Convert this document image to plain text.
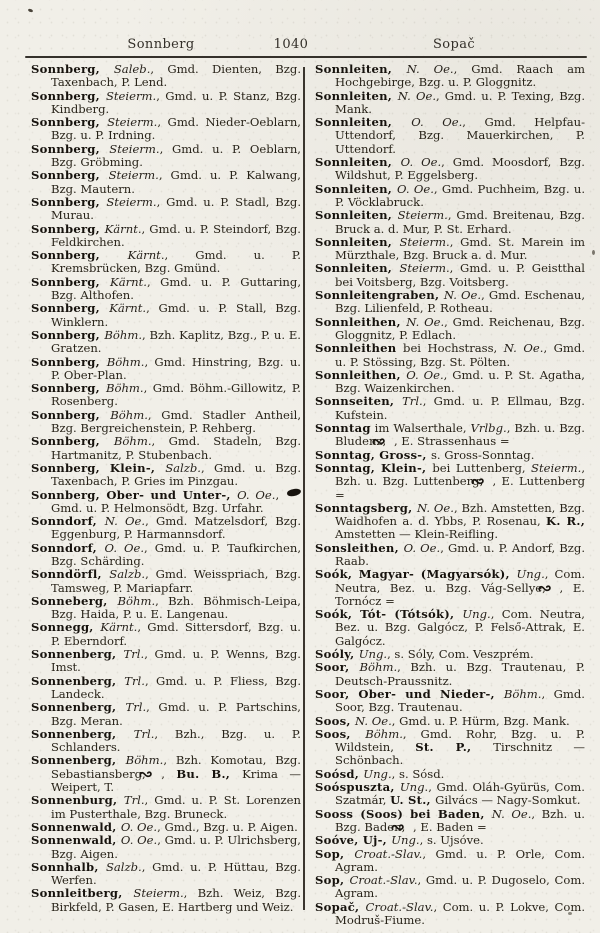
Sonnberg	1040	Sopač

Sonnberg, Saleb., Gmd. Dienten, Bzg. Taxenbach, P. Lend.

Sonnberg, Steierm., Gmd. u. P. Stanz, Bzg. Kindberg.

Sonnberg, Steierm., Gmd. Nieder-Oeblarn, Bzg. u. P. Irdning.

Sonnberg, Steierm., Gmd. u. P. Oeblarn, Bzg. Gröbming.

Sonnberg, Steierm., Gmd. u. P. Kalwang, Bzg. Mautern.

Sonnberg, Steierm., Gmd. u. P. Stadl, Bzg. Murau.

Sonnberg, Kärnt., Gmd. u. P. Steindorf, Bzg. Feldkirchen.

Sonnberg, Kärnt., Gmd. u. P. Kremsbrücken, Bzg. Gmünd.

Sonnberg, Kärnt., Gmd. u. P. Guttaring, Bzg. Althofen.

Sonnberg, Kärnt., Gmd. u. P. Stall, Bzg. Winklern.

Sonnberg, Böhm., Bzh. Kaplitz, Bzg., P. u. E. Gratzen.

Sonnberg, Böhm., Gmd. Hinstring, Bzg. u. P. Ober-Plan.

Sonnberg, Böhm., Gmd. Böhm.-Gillowitz, P. Rosenberg.

Sonnberg, Böhm., Gmd. Stadler Antheil, Bzg. Bergreichenstein, P. Rehberg.

Sonnberg, Böhm., Gmd. Stadeln, Bzg. Hartmanitz, P. Stubenbach.

Sonnberg, Klein-, Salzb., Gmd. u. Bzg. Taxenbach, P. Gries im Pinzgau.

Sonnberg, Ober- und Unter-, O. Oe.,  Gmd. u. P. Helmonsödt, Bzg. Urfahr.

Sonndorf, N. Oe., Gmd. Matzelsdorf, Bzg. Eggenburg, P. Harmannsdorf.

Sonndorf, O. Oe., Gmd. u. P. Taufkirchen, Bzg. Schärding.

Sonndörfl, Salzb., Gmd. Weisspriach, Bzg. Tamsweg, P. Mariapfarr.

Sonneberg, Böhm., Bzh. Böhmisch-Leipa, Bzg. Haida, P. u. E. Langenau.

Sonnegg, Kärnt., Gmd. Sittersdorf, Bzg. u. P. Eberndorf.

Sonnenberg, Trl., Gmd. u. P. Wenns, Bzg. Imst.

Sonnenberg, Trl., Gmd. u. P. Fliess, Bzg. Landeck.

Sonnenberg, Trl., Gmd. u. P. Partschins, Bzg. Meran.

Sonnenberg, Trl., Bzh., Bzg. u. P. Schlanders.

Sonnenberg, Böhm., Bzh. Komotau, Bzg. Sebastiansberg, , Bu. B., Krima — Weipert, T.

Sonnenburg, Trl., Gmd. u. P. St. Lorenzen im Pusterthale, Bzg. Bruneck.

Sonnenwald, O. Oe., Gmd., Bzg. u. P. Aigen.

Sonnenwald, O. Oe., Gmd. u. P. Ulrichsberg, Bzg. Aigen.

Sonnhalb, Salzb., Gmd. u. P. Hüttau, Bzg. Werfen.

Sonnleitberg, Steierm., Bzh. Weiz, Bzg. Birkfeld, P. Gasen, E. Hartberg und Weiz.

Sonnleiten, N. Oe., Gmd. Raach am Hochgebirge, Bzg. u. P. Gloggnitz.

Sonnleiten, N. Oe., Gmd. u. P. Texing, Bzg. Mank.

Sonnleiten, O. Oe., Gmd. Helpfau-Uttendorf, Bzg. Mauerkirchen, P. Uttendorf.

Sonnleiten, O. Oe., Gmd. Moosdorf, Bzg. Wildshut, P. Eggelsberg.

Sonnleiten, O. Oe., Gmd. Puchheim, Bzg. u. P. Vöcklabruck.

Sonnleiten, Steierm., Gmd. Breitenau, Bzg. Bruck a. d. Mur, P. St. Erhard.

Sonnleiten, Steierm., Gmd. St. Marein im Mürzthale, Bzg. Bruck a. d. Mur.

Sonnleiten, Steierm., Gmd. u. P. Geistthal bei Voitsberg, Bzg. Voitsberg.

Sonnleitengraben, N. Oe., Gmd. Eschenau, Bzg. Lilienfeld, P. Rotheau.

Sonnleithen, N. Oe., Gmd. Reichenau, Bzg. Gloggnitz, P. Edlach.

Sonnleithen bei Hochstrass, N. Oe., Gmd. u. P. Stössing, Bzg. St. Pölten.

Sonnleithen, O. Oe., Gmd. u. P. St. Agatha, Bzg. Waizenkirchen.

Sonnseiten, Trl., Gmd. u. P. Ellmau, Bzg. Kufstein.

Sonntag im Walserthale, Vrlbg., Bzh. u. Bzg. Bludenz, , E. Strassenhaus =

Sonntag, Gross-, s. Gross-Sonntag.

Sonntag, Klein-, bei Luttenberg, Steierm., Bzh. u. Bzg. Luttenberg, , E. Luttenberg =

Sonntagsberg, N. Oe., Bzh. Amstetten, Bzg. Waidhofen a. d. Ybbs, P. Rosenau, K. R., Amstetten — Klein-Reifling.

Sonsleithen, O. Oe., Gmd. u. P. Andorf, Bzg. Raab.

Soók, Magyar- (Magyarsók), Ung., Com. Neutra, Bez. u. Bzg. Vág-Sellye, , E. Tornócz =

Soók, Tót- (Tótsók), Ung., Com. Neutra, Bez. u. Bzg. Galgócz, P. Felső-Attrak, E. Galgócz.

Soóly, Ung., s. Sóly, Com. Veszprém.

Soor, Böhm., Bzh. u. Bzg. Trautenau, P. Deutsch-Praussnitz.

Soor, Ober- und Nieder-, Böhm., Gmd. Soor, Bzg. Trautenau.

Soos, N. Oe., Gmd. u. P. Hürm, Bzg. Mank.

Soos, Böhm., Gmd. Rohr, Bzg. u. P. Wildstein, St. P., Tirschnitz — Schönbach.

Soósd, Ung., s. Sósd.

Soóspuszta, Ung., Gmd. Oláh-Gyürüs, Com. Szatmár, U. St., Gilvács — Nagy-Somkut.

Sooss (Soos) bei Baden, N. Oe., Bzh. u. Bzg. Baden, , E. Baden =

Soóve, Uj-, Ung., s. Ujsóve.

Sop, Croat.-Slav., Gmd. u. P. Orle, Com. Agram.

Sop, Croat.-Slav., Gmd. u. P. Dugoselo, Com. Agram.

Sopač, Croat.-Slav., Com. u. P. Lokve, Com. Modruš-Fiume.
